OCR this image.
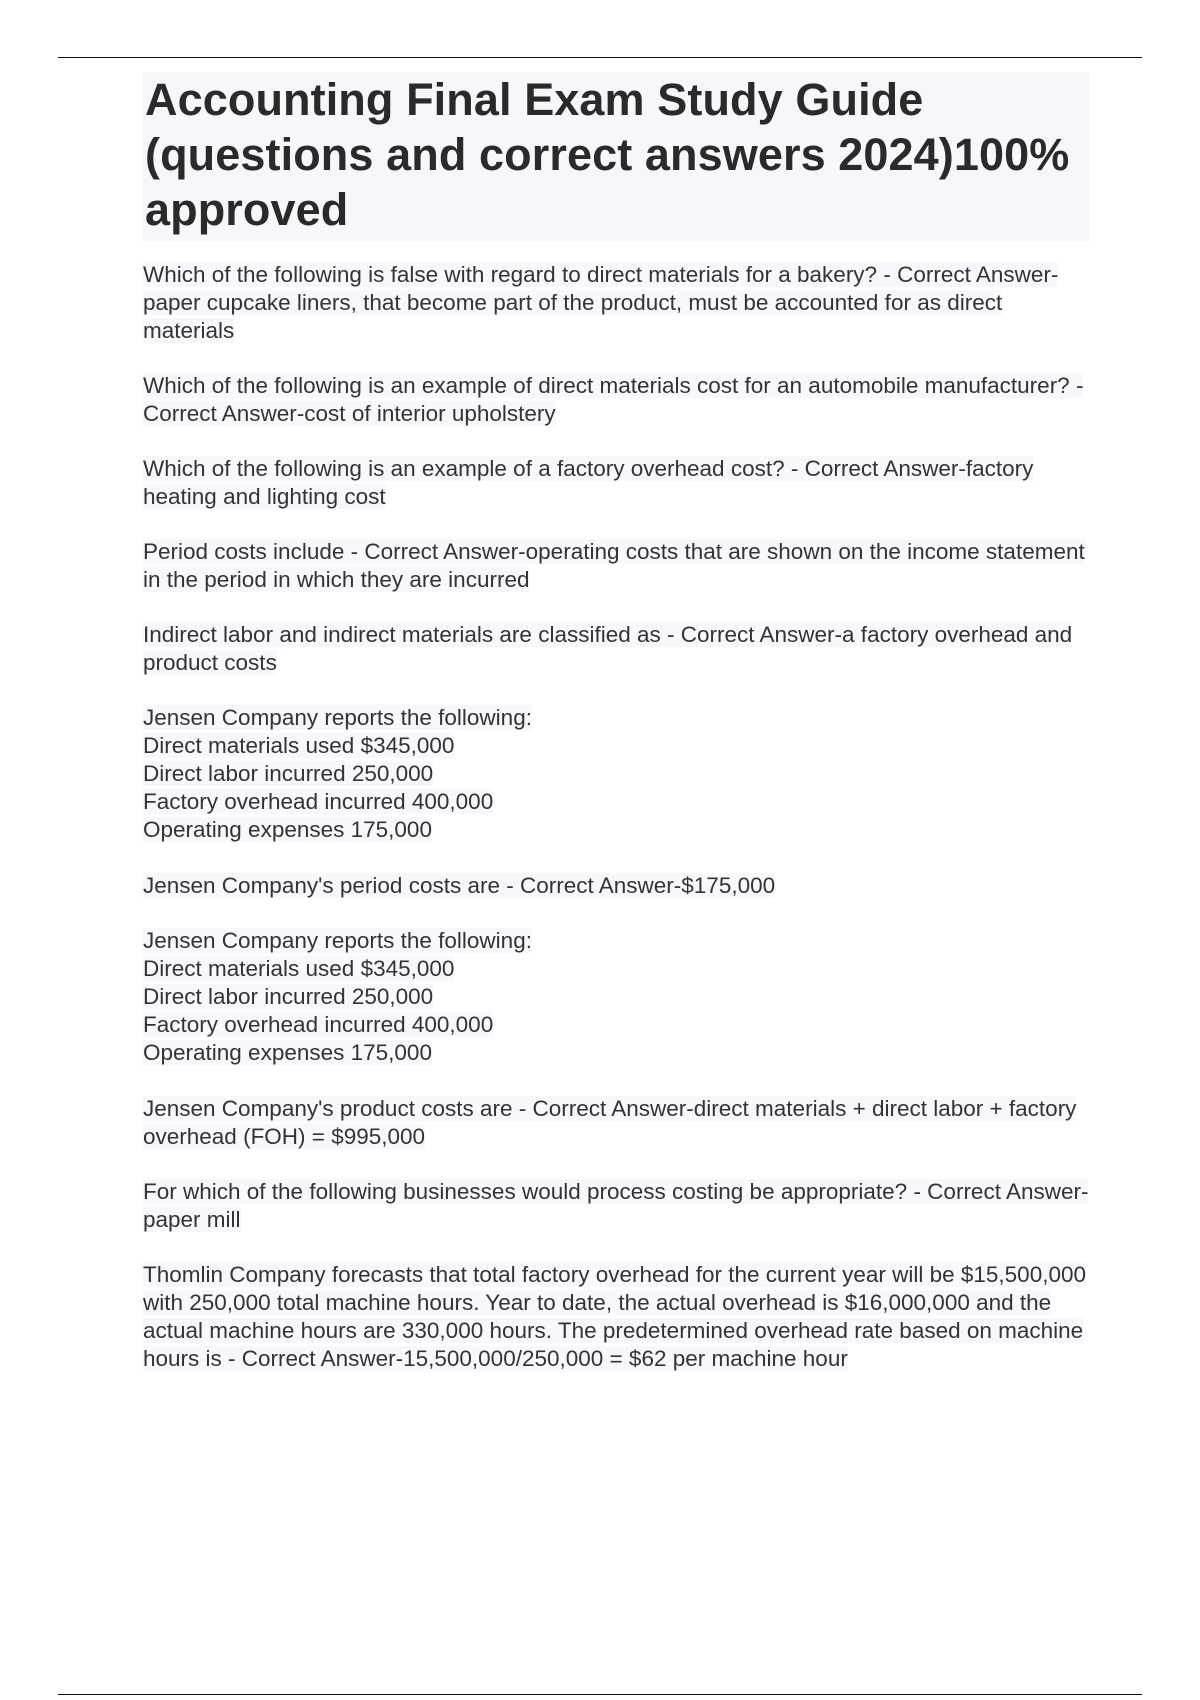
Accounting Final Exam Study Guide (questions and correct answers 2024)100% approved

Which of the following is false with regard to direct materials for a bakery? - Correct Answer-paper cupcake liners, that become part of the product, must be accounted for as direct materials

Which of the following is an example of direct materials cost for an automobile manufacturer? - Correct Answer-cost of interior upholstery

Which of the following is an example of a factory overhead cost? - Correct Answer-factory heating and lighting cost

Period costs include - Correct Answer-operating costs that are shown on the income statement in the period in which they are incurred

Indirect labor and indirect materials are classified as - Correct Answer-a factory overhead and product costs

Jensen Company reports the following:
Direct materials used $345,000
Direct labor incurred 250,000
Factory overhead incurred 400,000
Operating expenses 175,000

Jensen Company's period costs are - Correct Answer-$175,000

Jensen Company reports the following:
Direct materials used $345,000
Direct labor incurred 250,000
Factory overhead incurred 400,000
Operating expenses 175,000

Jensen Company's product costs are - Correct Answer-direct materials + direct labor + factory overhead (FOH) = $995,000

For which of the following businesses would process costing be appropriate? - Correct Answer-paper mill

Thomlin Company forecasts that total factory overhead for the current year will be $15,500,000 with 250,000 total machine hours. Year to date, the actual overhead is $16,000,000 and the actual machine hours are 330,000 hours. The predetermined overhead rate based on machine hours is - Correct Answer-15,500,000/250,000 = $62 per machine hour
